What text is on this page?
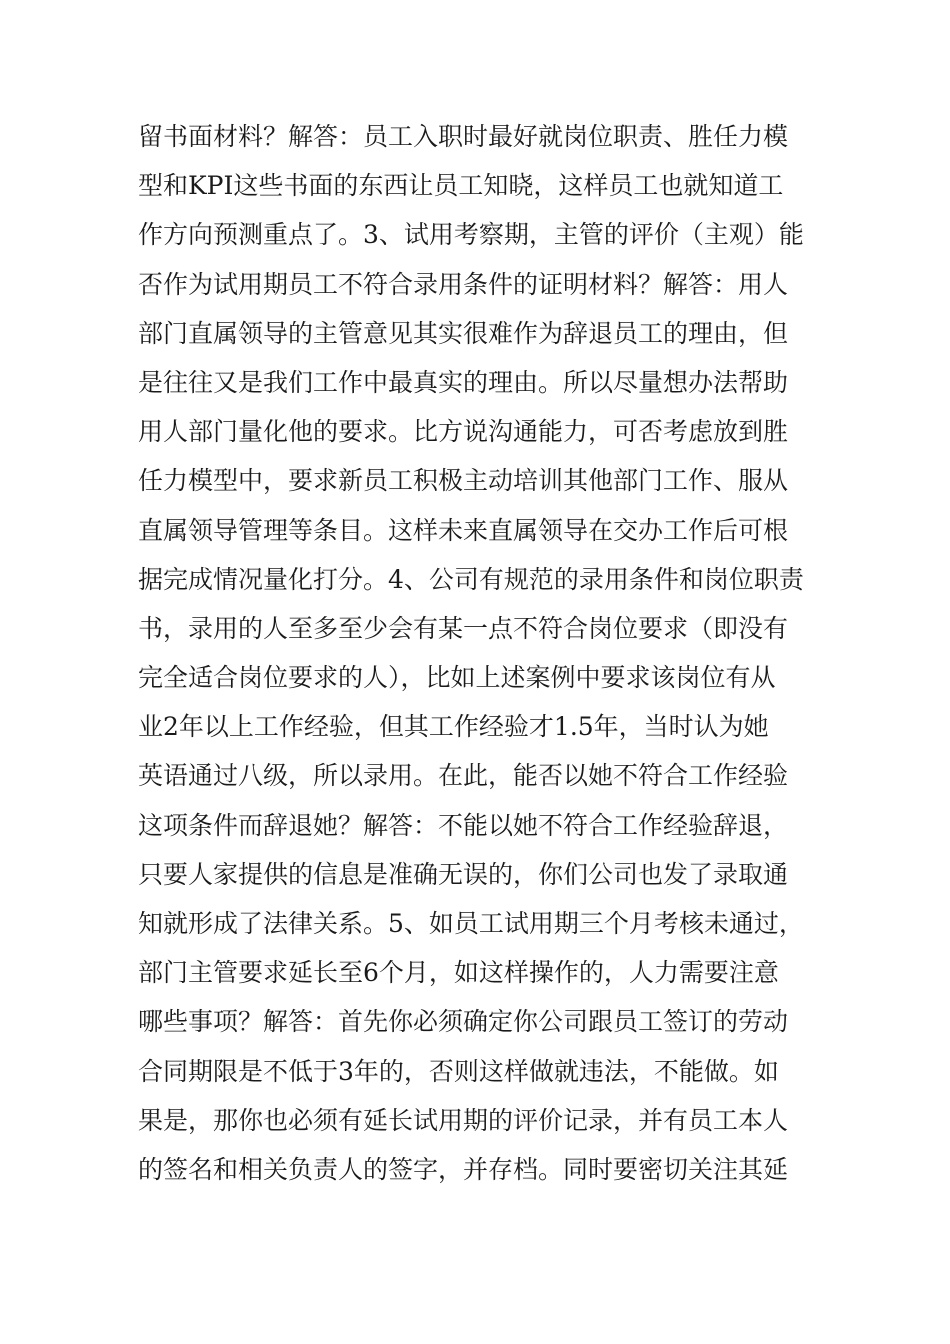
留书面材料？解答：员工入职时最好就岗位职责、胜任力模
型和KPI这些书面的东西让员工知晓，这样员工也就知道工
作方向预测重点了。3、试用考察期，主管的评价（主观）能
否作为试用期员工不符合录用条件的证明材料？解答：用人
部门直属领导的主管意见其实很难作为辞退员工的理由，但
是往往又是我们工作中最真实的理由。所以尽量想办法帮助
用人部门量化他的要求。比方说沟通能力，可否考虑放到胜
任力模型中，要求新员工积极主动培训其他部门工作、服从
直属领导管理等条目。这样未来直属领导在交办工作后可根
据完成情况量化打分。4、公司有规范的录用条件和岗位职责
书，录用的人至多至少会有某一点不符合岗位要求（即没有
完全适合岗位要求的人），比如上述案例中要求该岗位有从
业2年以上工作经验，但其工作经验才1.5年，当时认为她
英语通过八级，所以录用。在此，能否以她不符合工作经验
这项条件而辞退她？解答：不能以她不符合工作经验辞退，
只要人家提供的信息是准确无误的，你们公司也发了录取通
知就形成了法律关系。5、如员工试用期三个月考核未通过，
部门主管要求延长至6个月，如这样操作的，人力需要注意
哪些事项？解答：首先你必须确定你公司跟员工签订的劳动
合同期限是不低于3年的，否则这样做就违法，不能做。如
果是，那你也必须有延长试用期的评价记录，并有员工本人
的签名和相关负责人的签字，并存档。同时要密切关注其延
